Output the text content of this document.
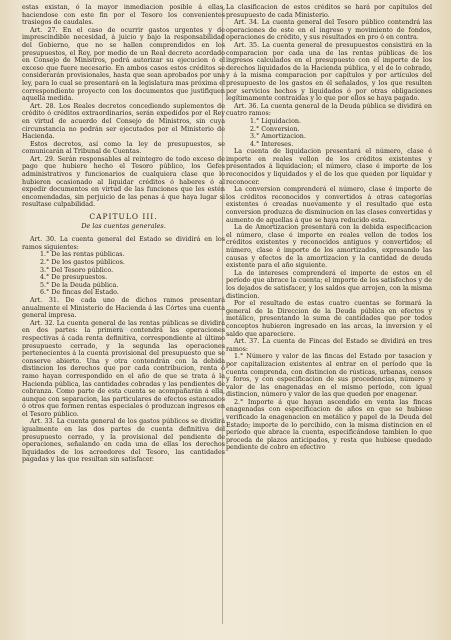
⌁

estas existan, ó la mayor inmediacion posible á ellas, haciendose con este fin por el Tesoro los convenientes trasiegos de caudales.

Art. 27. En el caso de ocurrir gastos urgentes y de imprescindible necesidad, á juicio y bajo la responsabilidad del Gobierno, que no se hallen comprendidos en los presupuestos, el Rey, por medio de un Real decreto acordado en Consejo de Ministros, podrá autorizar su ejecucion ó el exceso que fuere necesario. En ambos casos estos créditos se considerarán provisionales, hasta que sean aprobados por una ley, para lo cual se presentará en la legislatura mas próxima el correspondiente proyecto con los documentos que justifiquen aquella medida.

Art. 28. Los Reales decretos concediendo suplementos de crédito ó créditos extraordinarios, serán expedidos por el Rey en virtud de acuerdo del Consejo de Ministros, sin cuya circunstancia no podrán ser ejecutados por el Ministerio de Hacienda.

Estos decretos, así como la ley de presupuestos, se comunicarán al Tribunal de Cuentas.

Art. 29. Serán responsables al reintegro de todo exceso de pago que hubiere hecho el Tesoro público, los Gefes administrativos y funcionarios de cualquiera clase que lo hubieren ocasionado al liquidar créditos ó haberes ó al expedir documentos en virtud de las funciones que les estén encomendadas, sin perjuicio de las penas á que haya lugar si resultase culpabilidad.

CAPITULO III.
De las cuentas generales.

Art. 30. La cuenta general del Estado se dividirá en los ramos siguientes:

1.° De las rentas públicas.

2.° De los gastos públicos.

3.° Del Tesoro público.

4.° De presupuestos.

5.° De la Deuda pública.

6.° De fincas del Estado.

Art. 31. De cada uno de dichos ramos presentará anualmente el Ministerio de Hacienda á las Córtes una cuenta general impresa.

Art. 32. La cuenta general de las rentas públicas se dividirá en dos partes: la primera contendrá las operaciones respectivas á cada renta definitiva, correspondiente al último presupuesto cerrado, y la segunda las operaciones pertenecientes á la cuenta provisional del presupuesto que se conserve abierto. Una y otra contendrán con la debida distincion los derechos que por cada contribucion, renta ó ramo hayan correspondido en el año de que se trata á la Hacienda pública, las cantidades cobradas y las pendientes de cobranza. Como parte de esta cuenta se acompañarán á ella, aunque con separacion, las particulares de efectos estancados ó otros que formen rentas especiales ó produzcan ingresos en el Tesoro público.

Art. 33. La cuenta general de los gastos públicos se dividirá igualmente en las dos partes de cuenta definitiva del presupuesto cerrado, y la provisional del pendiente de operaciones, señalando en cada una de ellas los derechos liquidados de los acreedores del Tesoro, las cantidades pagadas y las que resultan sin satisfacer.

La clasificacion de estos créditos se hará por capítulos del presupuesto de cada Ministerio.

Art. 34. La cuenta general del Tesoro público contendrá las operaciones de este en el ingreso y movimiento de fondos, operaciones de crédito, y sus resultados en pro ó en contra.

Art. 35. La cuenta general de presupuestos consistirá en la comparacion por cada una de las rentas públicas de los ingresos calculados en el presupuesto con el importe de los derechos liquidados de la Hacienda pública, y el de lo cobrado, y á la misma comparacion por capítulos y por artículos del presupuesto de los gastos en él señalados, y los que resulten por servicios hechos y liquidados ó por otras obligaciones legítimamente contraidas y lo que por ellos se haya pagado.

Art. 36. La cuenta general de la Deuda pública se dividirá en cuatro ramos:

1.° Liquidacion.

2.° Conversion.

3.° Amortizacion.

4.° Intereses.

La cuenta de liquidacion presentará el número, clase é importe en reales vellon de los créditos existentes y presentados á liquidacion; el número, clase é importe de los reconocidos y liquidados y el de los que queden por liquidar y reconocer.

La conversion comprenderá el número, clase é importe de los créditos reconocidos y convertidos á otras categorías existentes ó creadas nuevamente y el resultado que esta conversion produzca de disminucion en las clases convertidas y aumento de aquellas á que se haya reducido esta.

La de Amortizacion presentará con la debida especificacion el número, clase é importe en reales vellon de todos los créditos existentes y reconocidos antiguos y convertidos; el número, clase é importe de los amortizados, expresando las causas y efectos de la amortizacion y la cantidad de deuda existente para el año siguiente.

La de intereses comprenderá el importe de estos en el período que abrace la cuenta; el importe de los satisfechos y de los dejados de satisfacer, y los saldos que arrojen, con la misma distincion.

Por el resultado de estas cuatro cuentas se formará la general de la Direccion de la Deuda pública en efectos y metálico, presentando la suma de cantidades que por todos conceptos hubieren ingresado en las arcas, la inversion y el saldo que apareciere.

Art. 37. La cuenta de Fincas del Estado se dividirá en tres ramos:

1.° Número y valor de las fincas del Estado por tasacion y por capitalizacion existentes al entrar en el período que la cuenta comprenda, con distincion de rústicas, urbanas, censos y foros, y con especificacion de sus procedencias, número y valor de las enagenadas en el mismo período, con igual distincion, número y valor de las que queden por enagenar.

2.° Importe á que hayan ascendido en venta las fincas enagenadas con especificacion de años en que se hubiese verificado la enagenacion en metálico y papel de la Deuda del Estado; importe de lo percibido, con la misma distincion en el período que abrace la cuenta, especificándose tambien lo que proceda de plazos anticipados, y resta que hubiese quedado pendiente de cobro en efectivo
